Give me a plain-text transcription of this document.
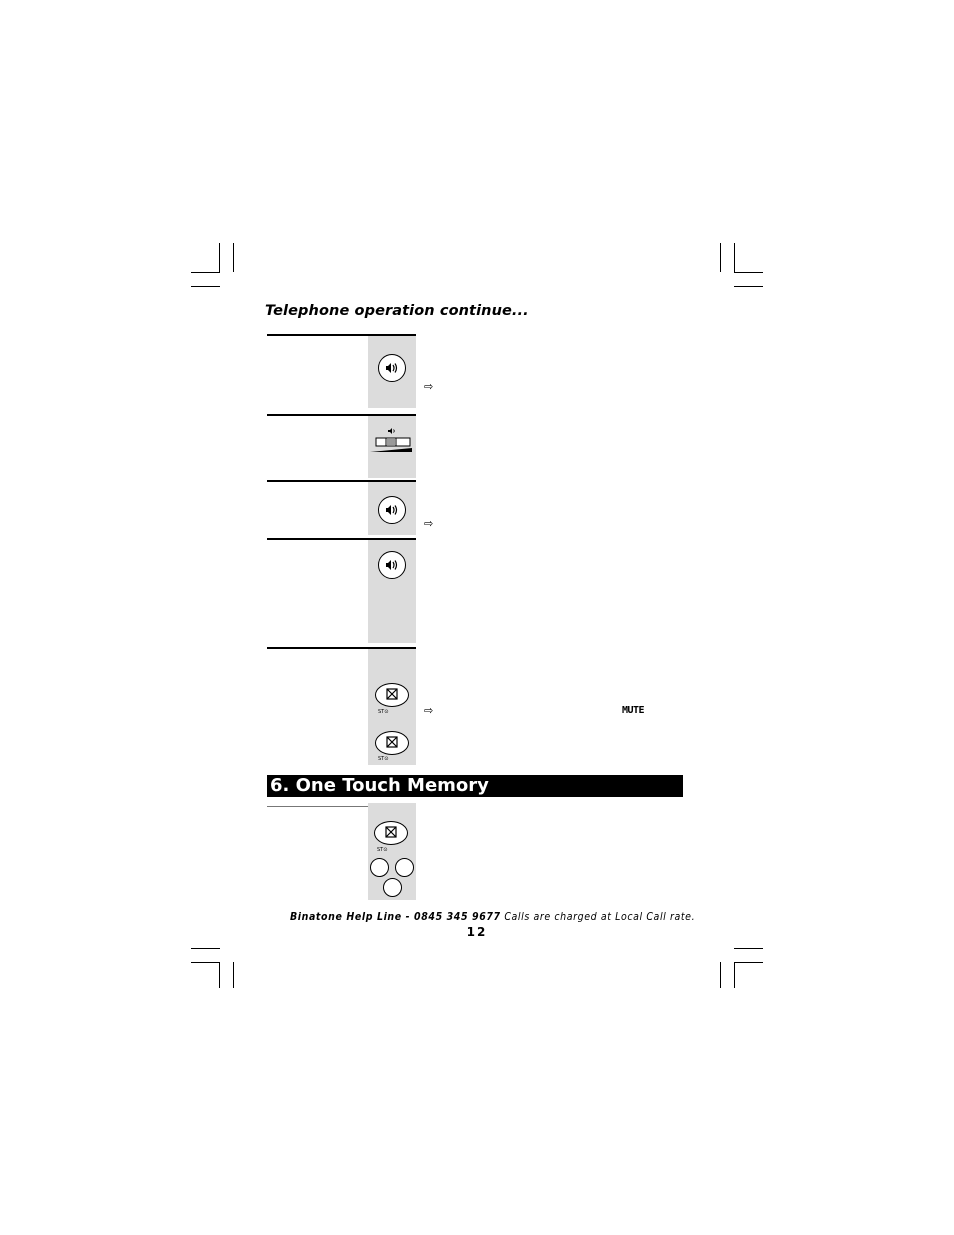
Telephone operation continue...
⇨
⇨
ST⊙
ST⊙
⇨	MUTE
6. One Touch Memory
ST⊙
Binatone Help Line - 0845 345 9677 Calls are charged at Local Call rate.
12
